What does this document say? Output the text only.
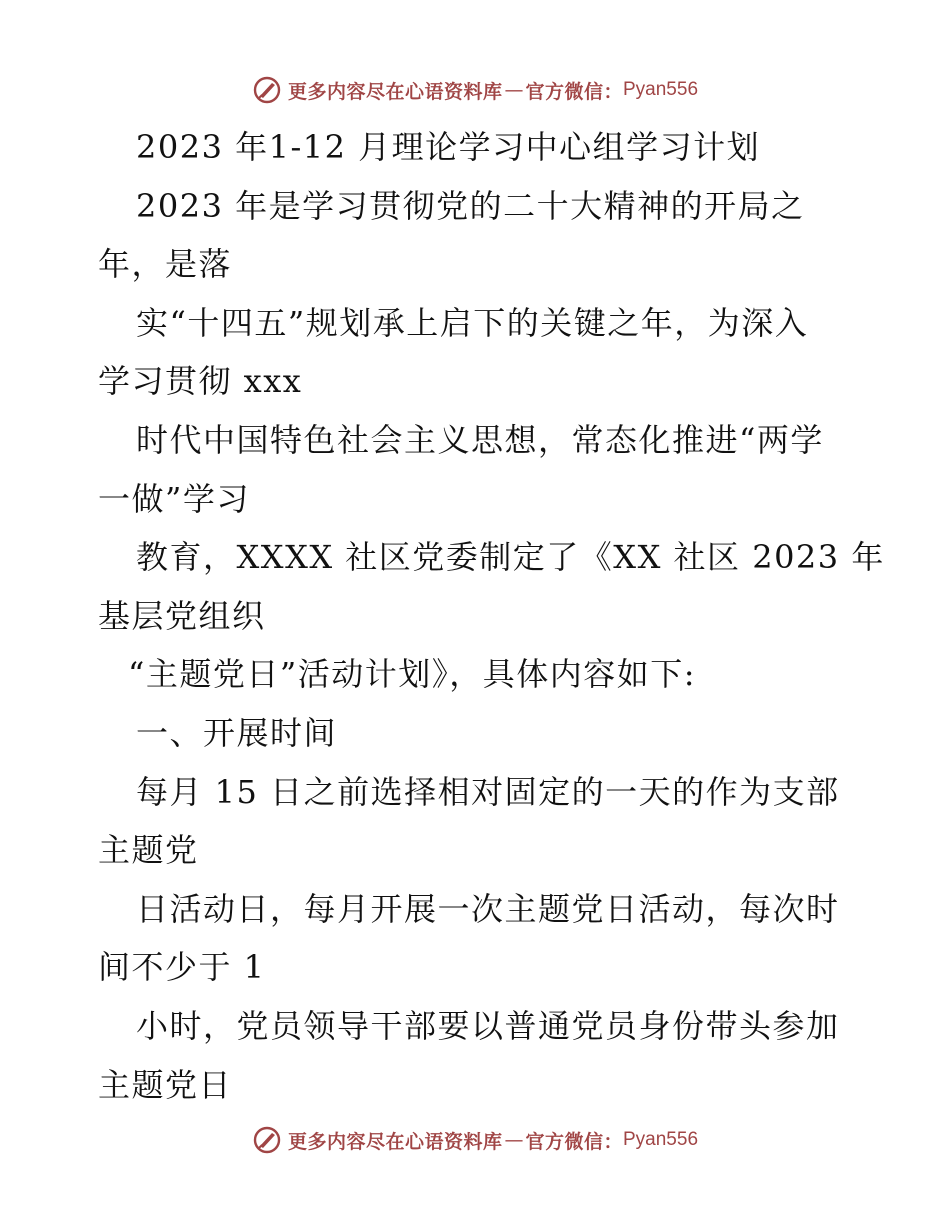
更多内容尽在心语资料库 — 官方微信： Pyan556
2023 年1-12 月理论学习中心组学习计划
2023 年是学习贯彻党的二十大精神的开局之
年，是落
实“十四五”规划承上启下的关键之年，为深入
学习贯彻 xxx
时代中国特色社会主义思想，常态化推进“两学
一做”学习
教育，XXXX 社区党委制定了《XX 社区 2023 年
基层党组织
“主题党日”活动计划》，具体内容如下:
一、开展时间
每月 15 日之前选择相对固定的一天的作为支部
主题党
日活动日，每月开展一次主题党日活动，每次时
间不少于 1
小时，党员领导干部要以普通党员身份带头参加
主题党日
更多内容尽在心语资料库 — 官方微信： Pyan556
